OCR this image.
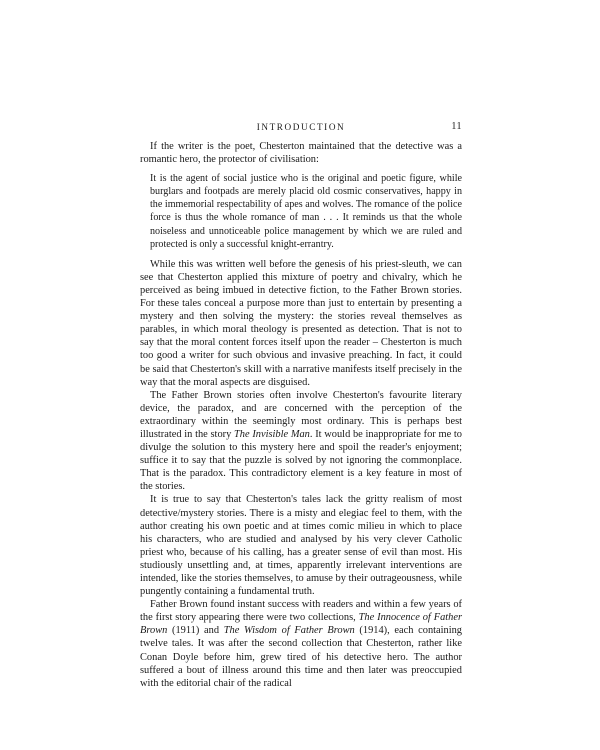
INTRODUCTION	11

If the writer is the poet, Chesterton maintained that the detective was a romantic hero, the protector of civilisation:

It is the agent of social justice who is the original and poetic figure, while burglars and footpads are merely placid old cosmic conservatives, happy in the immemorial respectability of apes and wolves. The romance of the police force is thus the whole romance of man . . . It reminds us that the whole noiseless and unnoticeable police management by which we are ruled and protected is only a successful knight-errantry.

While this was written well before the genesis of his priest-sleuth, we can see that Chesterton applied this mixture of poetry and chivalry, which he perceived as being imbued in detective fiction, to the Father Brown stories. For these tales conceal a purpose more than just to entertain by presenting a mystery and then solving the mystery: the stories reveal themselves as parables, in which moral theology is presented as detection. That is not to say that the moral content forces itself upon the reader – Chesterton is much too good a writer for such obvious and invasive preaching. In fact, it could be said that Chesterton's skill with a narrative manifests itself precisely in the way that the moral aspects are disguised.

The Father Brown stories often involve Chesterton's favourite literary device, the paradox, and are concerned with the perception of the extraordinary within the seemingly most ordinary. This is perhaps best illustrated in the story The Invisible Man. It would be inappropriate for me to divulge the solution to this mystery here and spoil the reader's enjoyment; suffice it to say that the puzzle is solved by not ignoring the commonplace. That is the paradox. This contradictory element is a key feature in most of the stories.

It is true to say that Chesterton's tales lack the gritty realism of most detective/mystery stories. There is a misty and elegiac feel to them, with the author creating his own poetic and at times comic milieu in which to place his characters, who are studied and analysed by his very clever Catholic priest who, because of his calling, has a greater sense of evil than most. His studiously unsettling and, at times, apparently irrelevant interventions are intended, like the stories themselves, to amuse by their outrageousness, while pungently containing a fundamental truth.

Father Brown found instant success with readers and within a few years of the first story appearing there were two collections, The Innocence of Father Brown (1911) and The Wisdom of Father Brown (1914), each containing twelve tales. It was after the second collection that Chesterton, rather like Conan Doyle before him, grew tired of his detective hero. The author suffered a bout of illness around this time and then later was preoccupied with the editorial chair of the radical
